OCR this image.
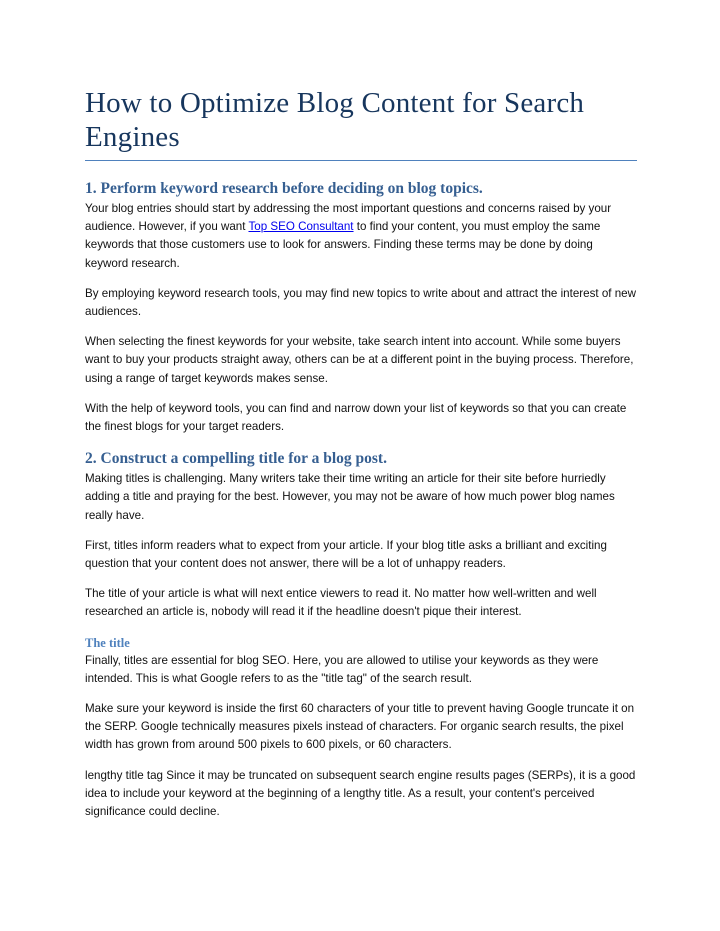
How to Optimize Blog Content for Search Engines
1. Perform keyword research before deciding on blog topics.

Your blog entries should start by addressing the most important questions and concerns raised by your audience. However, if you want Top SEO Consultant to find your content, you must employ the same keywords that those customers use to look for answers. Finding these terms may be done by doing keyword research.

By employing keyword research tools, you may find new topics to write about and attract the interest of new audiences.

When selecting the finest keywords for your website, take search intent into account. While some buyers want to buy your products straight away, others can be at a different point in the buying process. Therefore, using a range of target keywords makes sense.

With the help of keyword tools, you can find and narrow down your list of keywords so that you can create the finest blogs for your target readers.

2. Construct a compelling title for a blog post.

Making titles is challenging. Many writers take their time writing an article for their site before hurriedly adding a title and praying for the best. However, you may not be aware of how much power blog names really have.

First, titles inform readers what to expect from your article. If your blog title asks a brilliant and exciting question that your content does not answer, there will be a lot of unhappy readers.

The title of your article is what will next entice viewers to read it. No matter how well-written and well researched an article is, nobody will read it if the headline doesn't pique their interest.

The title

Finally, titles are essential for blog SEO. Here, you are allowed to utilise your keywords as they were intended. This is what Google refers to as the "title tag" of the search result.

Make sure your keyword is inside the first 60 characters of your title to prevent having Google truncate it on the SERP. Google technically measures pixels instead of characters. For organic search results, the pixel width has grown from around 500 pixels to 600 pixels, or 60 characters.

lengthy title tag Since it may be truncated on subsequent search engine results pages (SERPs), it is a good idea to include your keyword at the beginning of a lengthy title. As a result, your content's perceived significance could decline.
